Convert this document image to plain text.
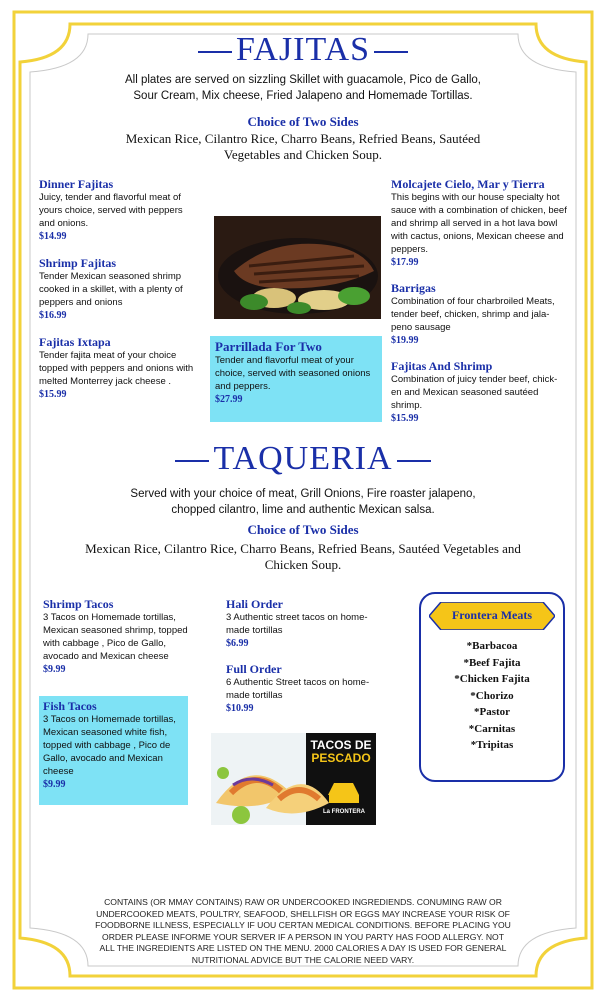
FAJITAS
All plates are served on sizzling Skillet with guacamole, Pico de Gallo,
Sour Cream, Mix cheese, Fried Jalapeno and Homemade Tortillas.
Choice of Two Sides
Mexican Rice, Cilantro Rice, Charro Beans, Refried Beans, Sautéed
Vegetables and Chicken Soup.
Dinner Fajitas
Juicy, tender and flavorful meat of yours choice, served with peppers and onions.
$14.99
Shrimp Fajitas
Tender Mexican seasoned shrimp cooked in a skillet, with a plenty of peppers and onions
$16.99
Fajitas Ixtapa
Tender fajita meat of your choice topped with peppers and onions with melted Monterrey jack cheese .
$15.99
Parrillada For Two
Tender and flavorful meat of your choice, served with seasoned onions and peppers.
$27.99
Molcajete Cielo, Mar y Tierra
This begins with our house specialty hot sauce with a combination of chicken, beef and shrimp all served in a hot lava bowl with cactus, onions, Mexican cheese and peppers.
$17.99
Barrigas
Combination of four charbroiled Meats, tender beef, chicken, shrimp and jala-peno sausage
$19.99
Fajitas And Shrimp
Combination of juicy tender beef, chick-en and Mexican seasoned sautéed shrimp.
$15.99
TAQUERIA
Served with your choice of meat, Grill Onions, Fire roaster jalapeno,
chopped cilantro, lime and authentic Mexican salsa.
Choice of Two Sides
Mexican Rice, Cilantro Rice, Charro Beans, Refried Beans, Sautéed Vegetables and
Chicken Soup.
Shrimp Tacos
3 Tacos on Homemade tortillas, Mexican seasoned shrimp, topped with cabbage , Pico de Gallo, avocado and Mexican cheese
$9.99
Fish Tacos
3 Tacos on Homemade tortillas, Mexican seasoned white fish, topped with cabbage , Pico de Gallo, avocado and Mexican cheese
$9.99
Hali Order
3 Authentic street tacos on home-made tortillas
$6.99
Full Order
6 Authentic Street tacos on home-made tortillas
$10.99
TACOS DE
PESCADO
La FRONTERA
Frontera Meats
*Barbacoa
*Beef Fajita
*Chicken Fajita
*Chorizo
*Pastor
*Carnitas
*Tripitas
CONTAINS (OR MMAY CONTAINS) RAW OR UNDERCOOKED INGREDIENDS. CONUMING RAW OR
UNDERCOOKED MEATS, POULTRY, SEAFOOD, SHELLFISH OR EGGS MAY INCREASE YOUR RISK OF
FOODBORNE ILLNESS, ESPECIALLY IF UOU CERTAN MEDICAL CONDITIONS. BEFORE PLACING YOU
ORDER PLEASE INFORME YOUR SERVER IF A PERSON IN YOU PARTY HAS FOOD ALLERGY. NOT
ALL THE INGREDIENTS ARE LISTED ON THE MENU. 2000 CALORIES A DAY IS USED FOR GENERAL
NUTRITIONAL ADVICE BUT THE CALORIE NEED VARY.
